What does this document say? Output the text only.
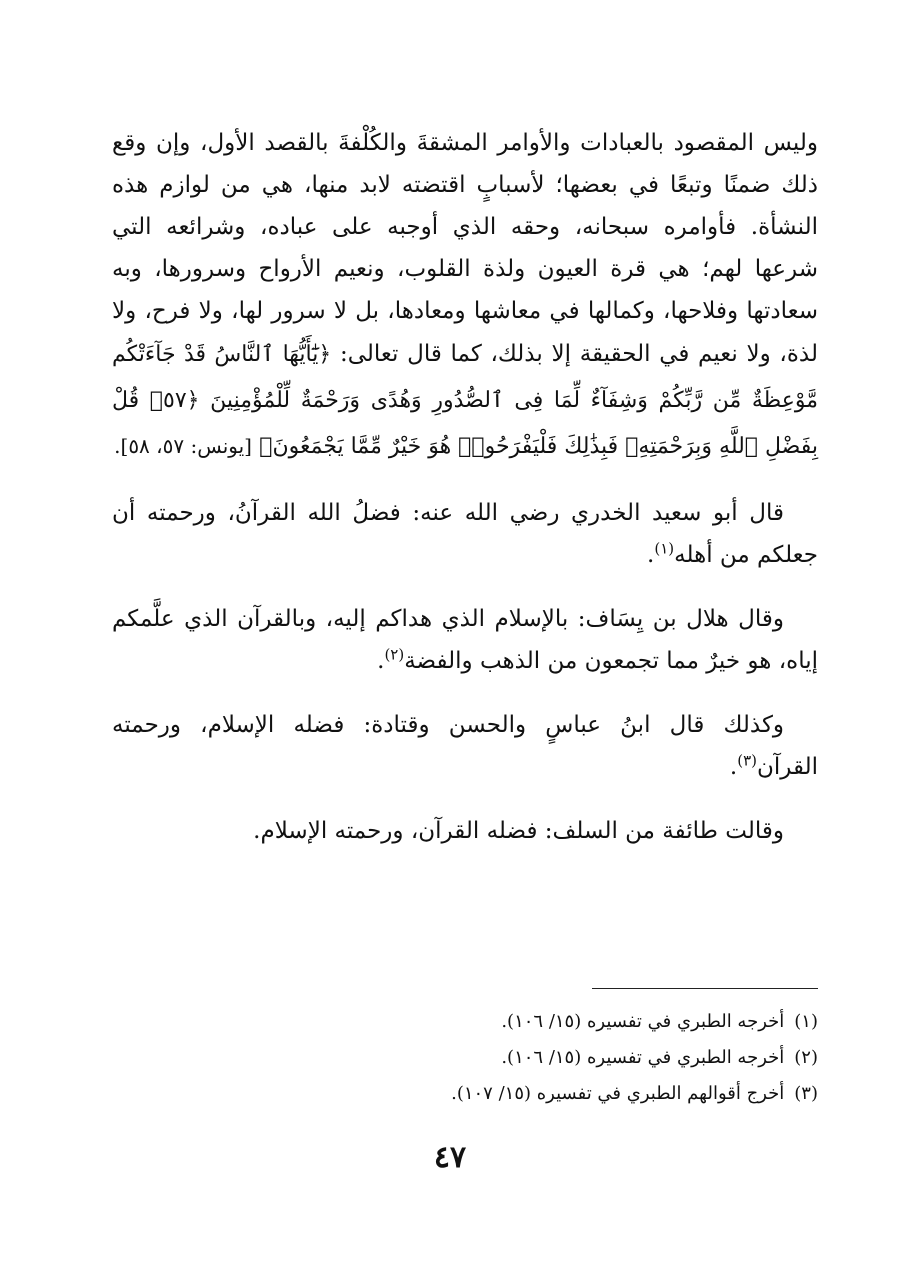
وليس المقصود بالعبادات والأوامر المشقةَ والكُلْفةَ بالقصد الأول، وإن وقع ذلك ضمنًا وتبعًا في بعضها؛ لأسبابٍ اقتضته لابد منها، هي من لوازم هذه النشأة. فأوامره سبحانه، وحقه الذي أوجبه على عباده، وشرائعه التي شرعها لهم؛ هي قرة العيون ولذة القلوب، ونعيم الأرواح وسرورها، وبه سعادتها وفلاحها، وكمالها في معاشها ومعادها، بل لا سرور لها، ولا فرح، ولا لذة، ولا نعيم في الحقيقة إلا بذلك، كما قال تعالى: ﴿يَٰٓأَيُّهَا ٱلنَّاسُ قَدْ جَآءَتْكُم مَّوْعِظَةٌ مِّن رَّبِّكُمْ وَشِفَآءٌ لِّمَا فِى ٱلصُّدُورِ وَهُدًى وَرَحْمَةٌ لِّلْمُؤْمِنِينَ ﴿٥٧﴾ قُلْ بِفَضْلِ ٱللَّهِ وَبِرَحْمَتِهِۦ فَبِذَٰلِكَ فَلْيَفْرَحُوا۟ هُوَ خَيْرٌ مِّمَّا يَجْمَعُونَ﴾ [يونس: ٥٧، ٥٨].

قال أبو سعيد الخدري رضي الله عنه: فضلُ الله القرآنُ، ورحمته أن جعلكم من أهله$^{(١)}$.

وقال هلال بن يِسَاف: بالإسلام الذي هداكم إليه، وبالقرآن الذي علَّمكم إياه، هو خيرٌ مما تجمعون من الذهب والفضة$^{(٢)}$.

وكذلك قال ابنُ عباسٍ والحسن وقتادة: فضله الإسلام، ورحمته القرآن$^{(٣)}$.

وقالت طائفة من السلف: فضله القرآن، ورحمته الإسلام.

(١)أخرجه الطبري في تفسيره (١٥/ ١٠٦).

(٢)أخرجه الطبري في تفسيره (١٥/ ١٠٦).

(٣)أخرج أقوالهم الطبري في تفسيره (١٥/ ١٠٧).

٤٧
